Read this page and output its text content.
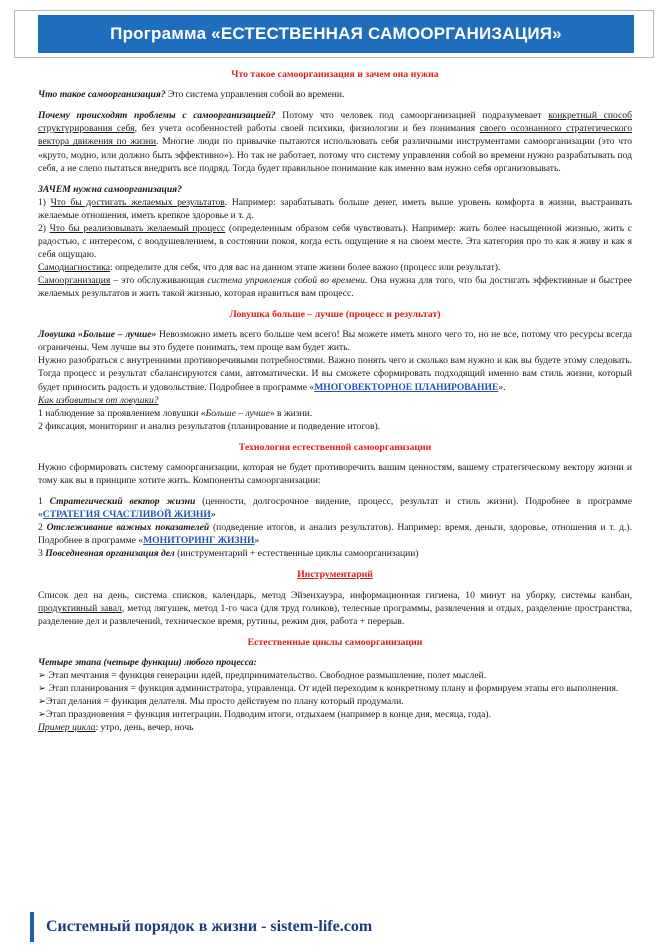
Программа «ЕСТЕСТВЕННАЯ САМООРГАНИЗАЦИЯ»
Что такое самоорганизация и зачем она нужна

Что такое самоорганизация? Это система управления собой во времени.

Почему происходят проблемы с самоорганизацией? Потому что человек под самоорганизацией подразумевает конкретный способ структурирования себя, без учета особенностей работы своей психики, физиологии и без понимания своего осознанного стратегического вектора движения по жизни. Многие люди по привычке пытаются использовать себя различными инструментами самоорганизации (это что «круто, модно, или должно быть эффективно»). Но так не работает, потому что систему управления собой во времени нужно разрабатывать под себя, а не слепо пытаться внедрить все подряд. Тогда будет правильное понимание как именно вам нужно себя организовывать.

ЗАЧЕМ нужна самоорганизация?
1) Что бы достигать желаемых результатов. Например: зарабатывать больше денег, иметь выше уровень комфорта в жизни, выстраивать желаемые отношения, иметь крепкое здоровье и т. д.
2) Что бы реализовывать желаемый процесс (определенным образом себя чувствовать). Например: жить более насыщенной жизнью, жить с радостью, с интересом, с воодушевлением, в состоянии покоя, когда есть ощущение я на своем месте. Эта категория про то как я живу и как я себя ощущаю.
Самодиагностика: определите для себя, что для вас на данном этапе жизни более важно (процесс или результат).

Самоорганизация – это обслуживающая система управления собой во времени. Она нужна для того, что бы достигать эффективные и быстрее желаемых результатов и жить такой жизнью, которая нравиться вам процесс.

Ловушка больше – лучше (процесс и результат)
Ловушка «Больше – лучше» Невозможно иметь всего больше чем всего! Вы можете иметь много чего то, но не все, потому что ресурсы всегда ограничены. Чем лучше вы это будете понимать, тем проще вам будет жить.
Нужно разобраться с внутренними противоречивыми потребностями. Важно понять чего и сколько вам нужно и как вы будете этому следовать. Тогда процесс и результат сбалансируются сами, автоматически. И вы сможете сформировать подходящий именно вам стиль жизни, который будет приносить радость и удовольствие. Подробнее в программе «МНОГОВЕКТОРНОЕ ПЛАНИРОВАНИЕ».
Как избавиться от ловушки?
1 наблюдение за проявлением ловушки «Больше – лучше» в жизни.

2 фиксация, мониторинг и анализ результатов (планирование и подведение итогов).

Технология естественной самоорганизации

Нужно сформировать систему самоорганизации, которая не будет противоречить вашим ценностям, вашему стратегическому вектору жизни и тому как вы в принципе хотите жить. Компоненты самоорганизации:

1 Стратегический вектор жизни (ценности, долгосрочное видение, процесс, результат и стиль жизни). Подробнее в программе «СТРАТЕГИЯ СЧАСТЛИВОЙ ЖИЗНИ»
2 Отслеживание важных показателей (подведение итогов, и анализ результатов). Например: время, деньги, здоровье, отношения и т. д.). Подробнее в программе «МОНИТОРИНГ ЖИЗНИ»

3 Повседневная организация дел (инструментарий + естественные циклы самоорганизации)

Инструментарий

Список дел на день, система списков, календарь, метод Эйзенхауэра, информационная гигиена, 10 минут на уборку, системы канбан, продуктивный завал, метод лягушек, метод 1-го часа (для труд голиков), телесные программы, развлечения и отдых, разделение пространства, разделение дел и развлечений, техническое время, рутины, режим дня, работа + перерыв.

Естественные циклы самоорганизации
Четыре этапа (четыре функции) любого процесса:
➢ Этап мечтания = функция генерации идей, предпринимательство. Свободное размышление, полет мыслей.
➢ Этап планирования = функция администратора, управленца. От идей переходим к конкретному плану и формируем этапы его выполнения.
➢Этап делания = функция делателя. Мы просто действуем по плану который продумали.
➢Этап праздновения = функция интеграции. Подводим итоги, отдыхаем (например в конце дня, месяца, года).
Пример цикла: утро, день, вечер, ночь
Системный порядок в жизни - sistem-life.com
